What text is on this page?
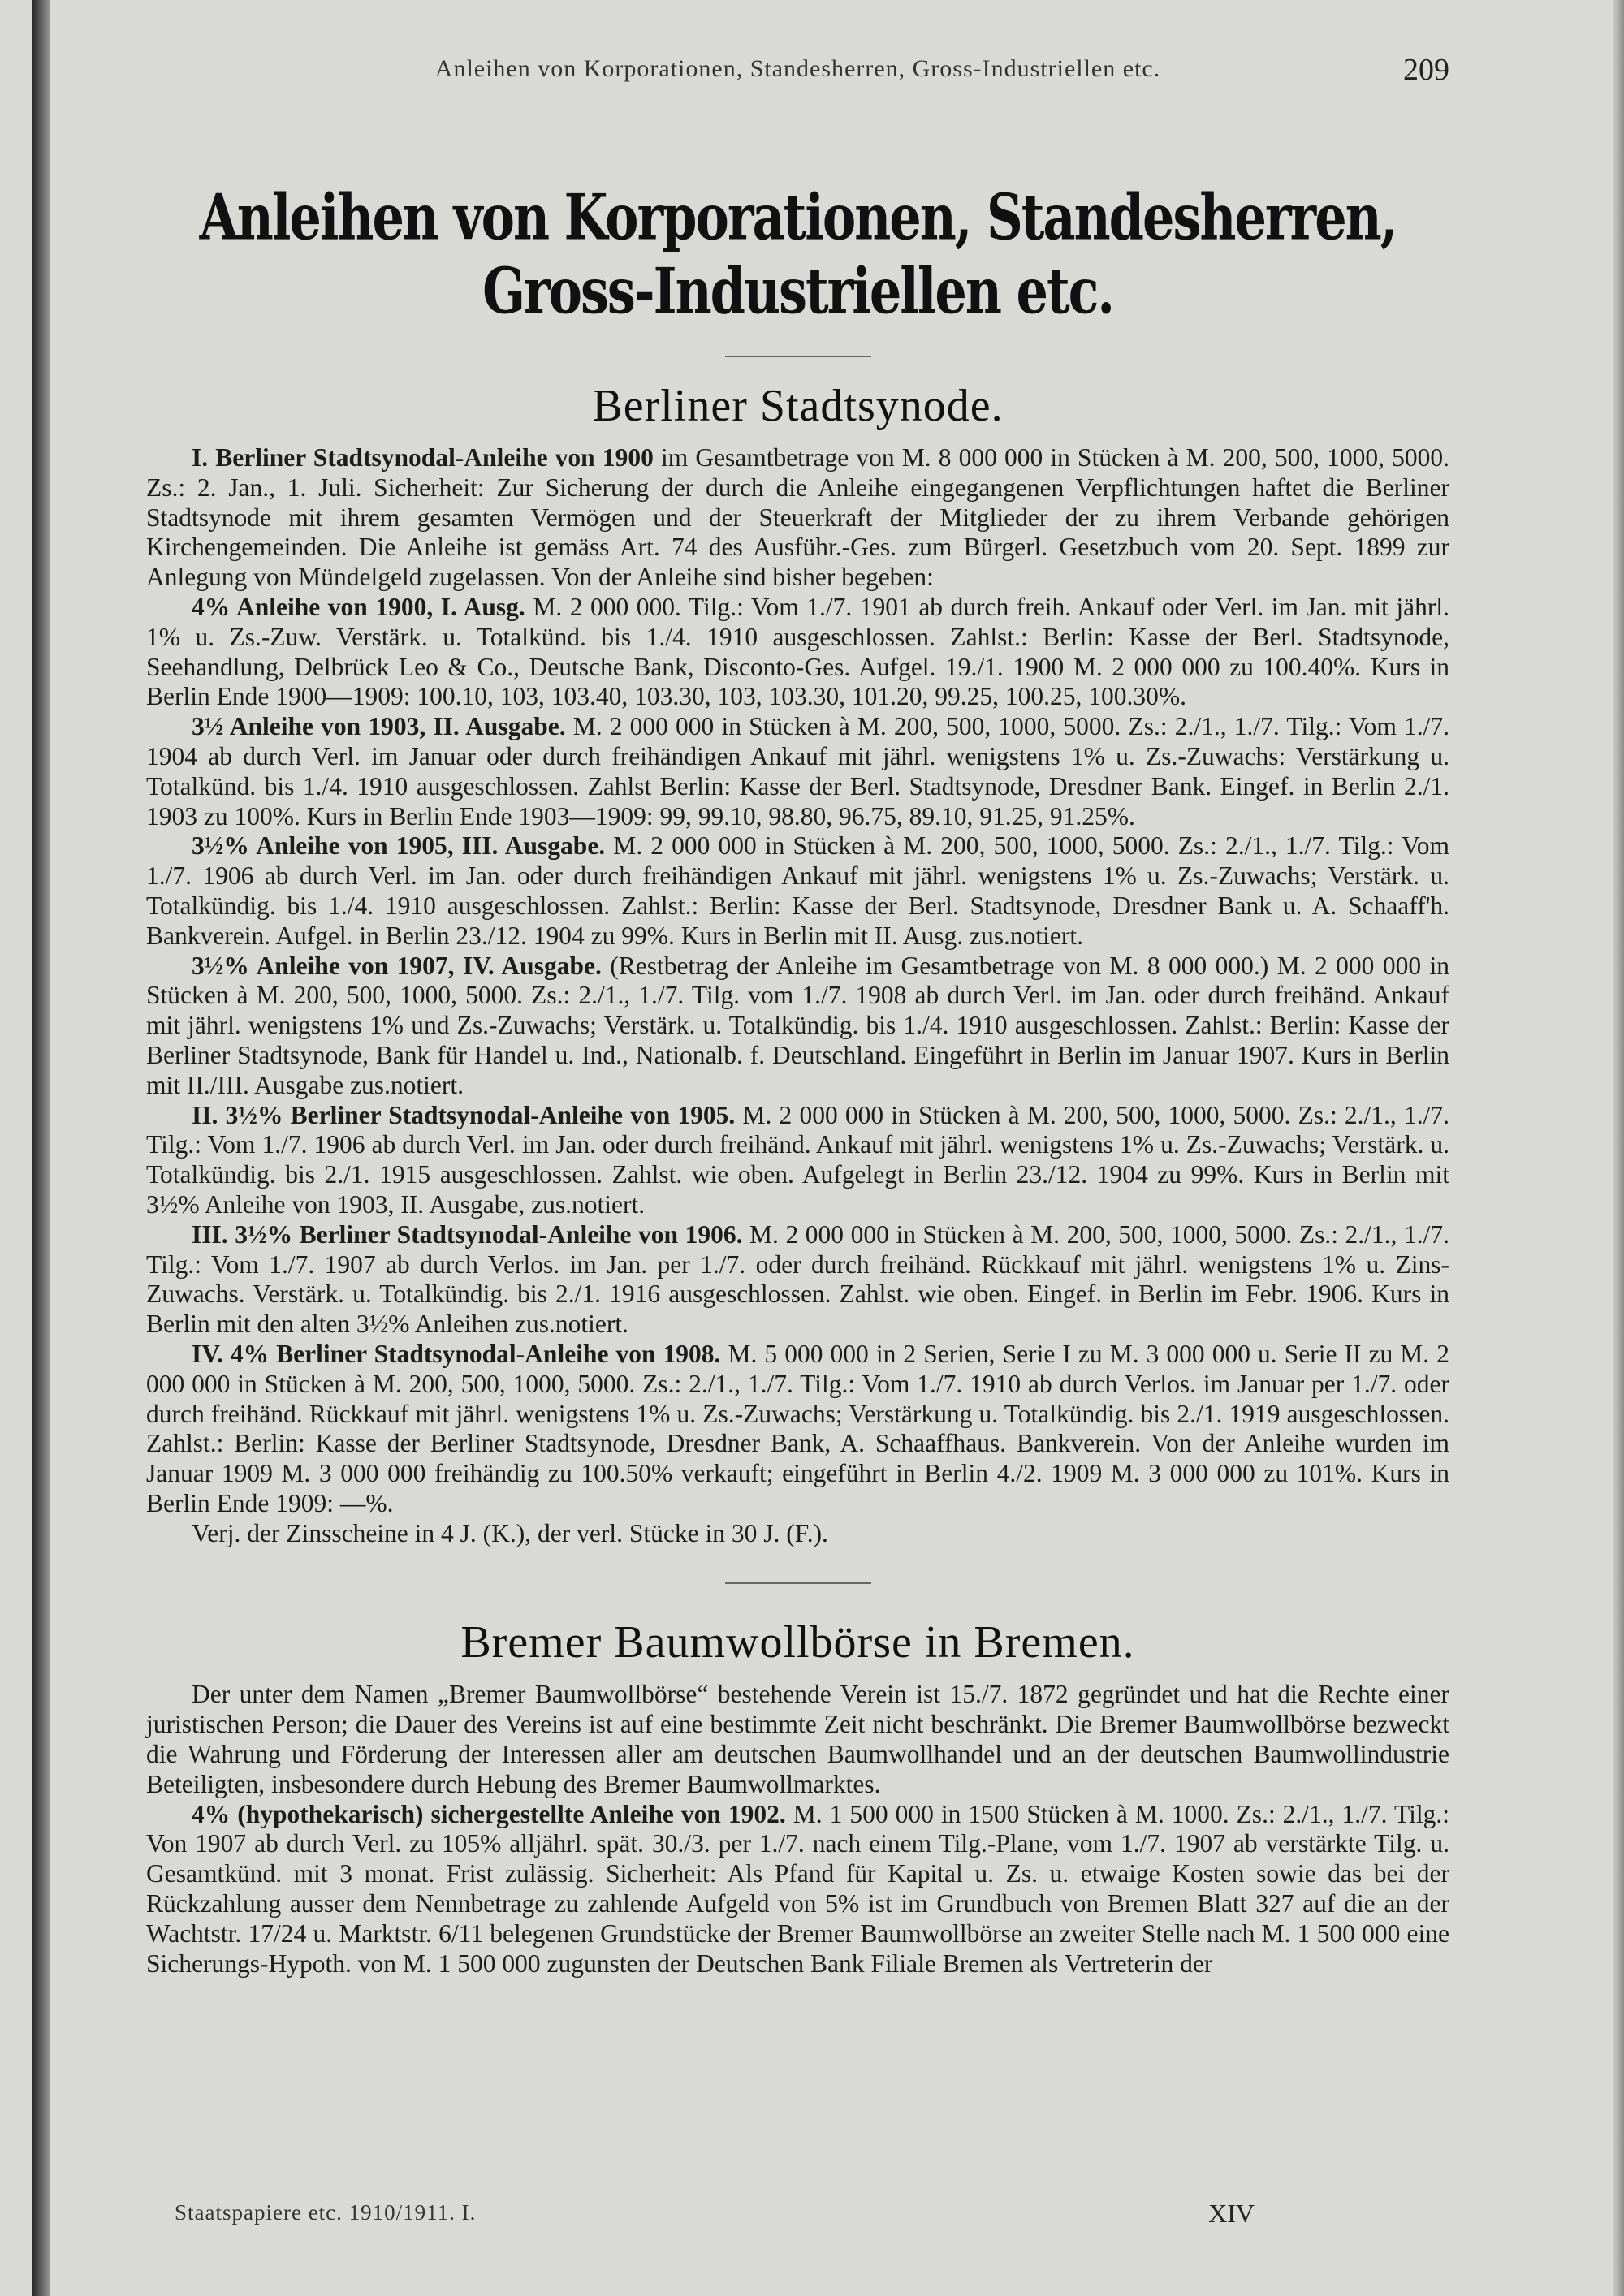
Anleihen von Korporationen, Standesherren, Gross-Industriellen etc.	209
Anleihen von Korporationen, Standesherren, Gross-Industriellen etc.
Berliner Stadtsynode.

I. Berliner Stadtsynodal-Anleihe von 1900 im Gesamtbetrage von M. 8 000 000 in Stücken à M. 200, 500, 1000, 5000. Zs.: 2. Jan., 1. Juli. Sicherheit: Zur Sicherung der durch die Anleihe eingegangenen Verpflichtungen haftet die Berliner Stadtsynode mit ihrem gesamten Vermögen und der Steuerkraft der Mitglieder der zu ihrem Verbande gehörigen Kirchengemeinden. Die Anleihe ist gemäss Art. 74 des Ausführ.-Ges. zum Bürgerl. Gesetzbuch vom 20. Sept. 1899 zur Anlegung von Mündelgeld zugelassen. Von der Anleihe sind bisher begeben:

4% Anleihe von 1900, I. Ausg. M. 2 000 000. Tilg.: Vom 1./7. 1901 ab durch freih. Ankauf oder Verl. im Jan. mit jährl. 1% u. Zs.-Zuw. Verstärk. u. Totalkünd. bis 1./4. 1910 ausgeschlossen. Zahlst.: Berlin: Kasse der Berl. Stadtsynode, Seehandlung, Delbrück Leo & Co., Deutsche Bank, Disconto-Ges. Aufgel. 19./1. 1900 M. 2 000 000 zu 100.40%. Kurs in Berlin Ende 1900—1909: 100.10, 103, 103.40, 103.30, 103, 103.30, 101.20, 99.25, 100.25, 100.30%.

3½ Anleihe von 1903, II. Ausgabe. M. 2 000 000 in Stücken à M. 200, 500, 1000, 5000. Zs.: 2./1., 1./7. Tilg.: Vom 1./7. 1904 ab durch Verl. im Januar oder durch freihändigen Ankauf mit jährl. wenigstens 1% u. Zs.-Zuwachs: Verstärkung u. Totalkünd. bis 1./4. 1910 ausgeschlossen. Zahlst Berlin: Kasse der Berl. Stadtsynode, Dresdner Bank. Eingef. in Berlin 2./1. 1903 zu 100%. Kurs in Berlin Ende 1903—1909: 99, 99.10, 98.80, 96.75, 89.10, 91.25, 91.25%.

3½% Anleihe von 1905, III. Ausgabe. M. 2 000 000 in Stücken à M. 200, 500, 1000, 5000. Zs.: 2./1., 1./7. Tilg.: Vom 1./7. 1906 ab durch Verl. im Jan. oder durch freihändigen Ankauf mit jährl. wenigstens 1% u. Zs.-Zuwachs; Verstärk. u. Totalkündig. bis 1./4. 1910 ausgeschlossen. Zahlst.: Berlin: Kasse der Berl. Stadtsynode, Dresdner Bank u. A. Schaaff'h. Bankverein. Aufgel. in Berlin 23./12. 1904 zu 99%. Kurs in Berlin mit II. Ausg. zus.notiert.

3½% Anleihe von 1907, IV. Ausgabe. (Restbetrag der Anleihe im Gesamtbetrage von M. 8 000 000.) M. 2 000 000 in Stücken à M. 200, 500, 1000, 5000. Zs.: 2./1., 1./7. Tilg. vom 1./7. 1908 ab durch Verl. im Jan. oder durch freihänd. Ankauf mit jährl. wenigstens 1% und Zs.-Zuwachs; Verstärk. u. Totalkündig. bis 1./4. 1910 ausgeschlossen. Zahlst.: Berlin: Kasse der Berliner Stadtsynode, Bank für Handel u. Ind., Nationalb. f. Deutschland. Eingeführt in Berlin im Januar 1907. Kurs in Berlin mit II./III. Ausgabe zus.notiert.

II. 3½% Berliner Stadtsynodal-Anleihe von 1905. M. 2 000 000 in Stücken à M. 200, 500, 1000, 5000. Zs.: 2./1., 1./7. Tilg.: Vom 1./7. 1906 ab durch Verl. im Jan. oder durch freihänd. Ankauf mit jährl. wenigstens 1% u. Zs.-Zuwachs; Verstärk. u. Totalkündig. bis 2./1. 1915 ausgeschlossen. Zahlst. wie oben. Aufgelegt in Berlin 23./12. 1904 zu 99%. Kurs in Berlin mit 3½% Anleihe von 1903, II. Ausgabe, zus.notiert.

III. 3½% Berliner Stadtsynodal-Anleihe von 1906. M. 2 000 000 in Stücken à M. 200, 500, 1000, 5000. Zs.: 2./1., 1./7. Tilg.: Vom 1./7. 1907 ab durch Verlos. im Jan. per 1./7. oder durch freihänd. Rückkauf mit jährl. wenigstens 1% u. Zins-Zuwachs. Verstärk. u. Totalkündig. bis 2./1. 1916 ausgeschlossen. Zahlst. wie oben. Eingef. in Berlin im Febr. 1906. Kurs in Berlin mit den alten 3½% Anleihen zus.notiert.

IV. 4% Berliner Stadtsynodal-Anleihe von 1908. M. 5 000 000 in 2 Serien, Serie I zu M. 3 000 000 u. Serie II zu M. 2 000 000 in Stücken à M. 200, 500, 1000, 5000. Zs.: 2./1., 1./7. Tilg.: Vom 1./7. 1910 ab durch Verlos. im Januar per 1./7. oder durch freihänd. Rückkauf mit jährl. wenigstens 1% u. Zs.-Zuwachs; Verstärkung u. Totalkündig. bis 2./1. 1919 ausgeschlossen. Zahlst.: Berlin: Kasse der Berliner Stadtsynode, Dresdner Bank, A. Schaaffhaus. Bankverein. Von der Anleihe wurden im Januar 1909 M. 3 000 000 freihändig zu 100.50% verkauft; eingeführt in Berlin 4./2. 1909 M. 3 000 000 zu 101%. Kurs in Berlin Ende 1909: —%.

Verj. der Zinsscheine in 4 J. (K.), der verl. Stücke in 30 J. (F.).

Bremer Baumwollbörse in Bremen.

Der unter dem Namen „Bremer Baumwollbörse“ bestehende Verein ist 15./7. 1872 gegründet und hat die Rechte einer juristischen Person; die Dauer des Vereins ist auf eine bestimmte Zeit nicht beschränkt. Die Bremer Baumwollbörse bezweckt die Wahrung und Förderung der Interessen aller am deutschen Baumwollhandel und an der deutschen Baumwollindustrie Beteiligten, insbesondere durch Hebung des Bremer Baumwollmarktes.

4% (hypothekarisch) sichergestellte Anleihe von 1902. M. 1 500 000 in 1500 Stücken à M. 1000. Zs.: 2./1., 1./7. Tilg.: Von 1907 ab durch Verl. zu 105% alljährl. spät. 30./3. per 1./7. nach einem Tilg.-Plane, vom 1./7. 1907 ab verstärkte Tilg. u. Gesamtkünd. mit 3 monat. Frist zulässig. Sicherheit: Als Pfand für Kapital u. Zs. u. etwaige Kosten sowie das bei der Rückzahlung ausser dem Nennbetrage zu zahlende Aufgeld von 5% ist im Grundbuch von Bremen Blatt 327 auf die an der Wachtstr. 17/24 u. Marktstr. 6/11 belegenen Grundstücke der Bremer Baumwollbörse an zweiter Stelle nach M. 1 500 000 eine Sicherungs-Hypoth. von M. 1 500 000 zugunsten der Deutschen Bank Filiale Bremen als Vertreterin der

Staatspapiere etc. 1910/1911. I.	XIV
